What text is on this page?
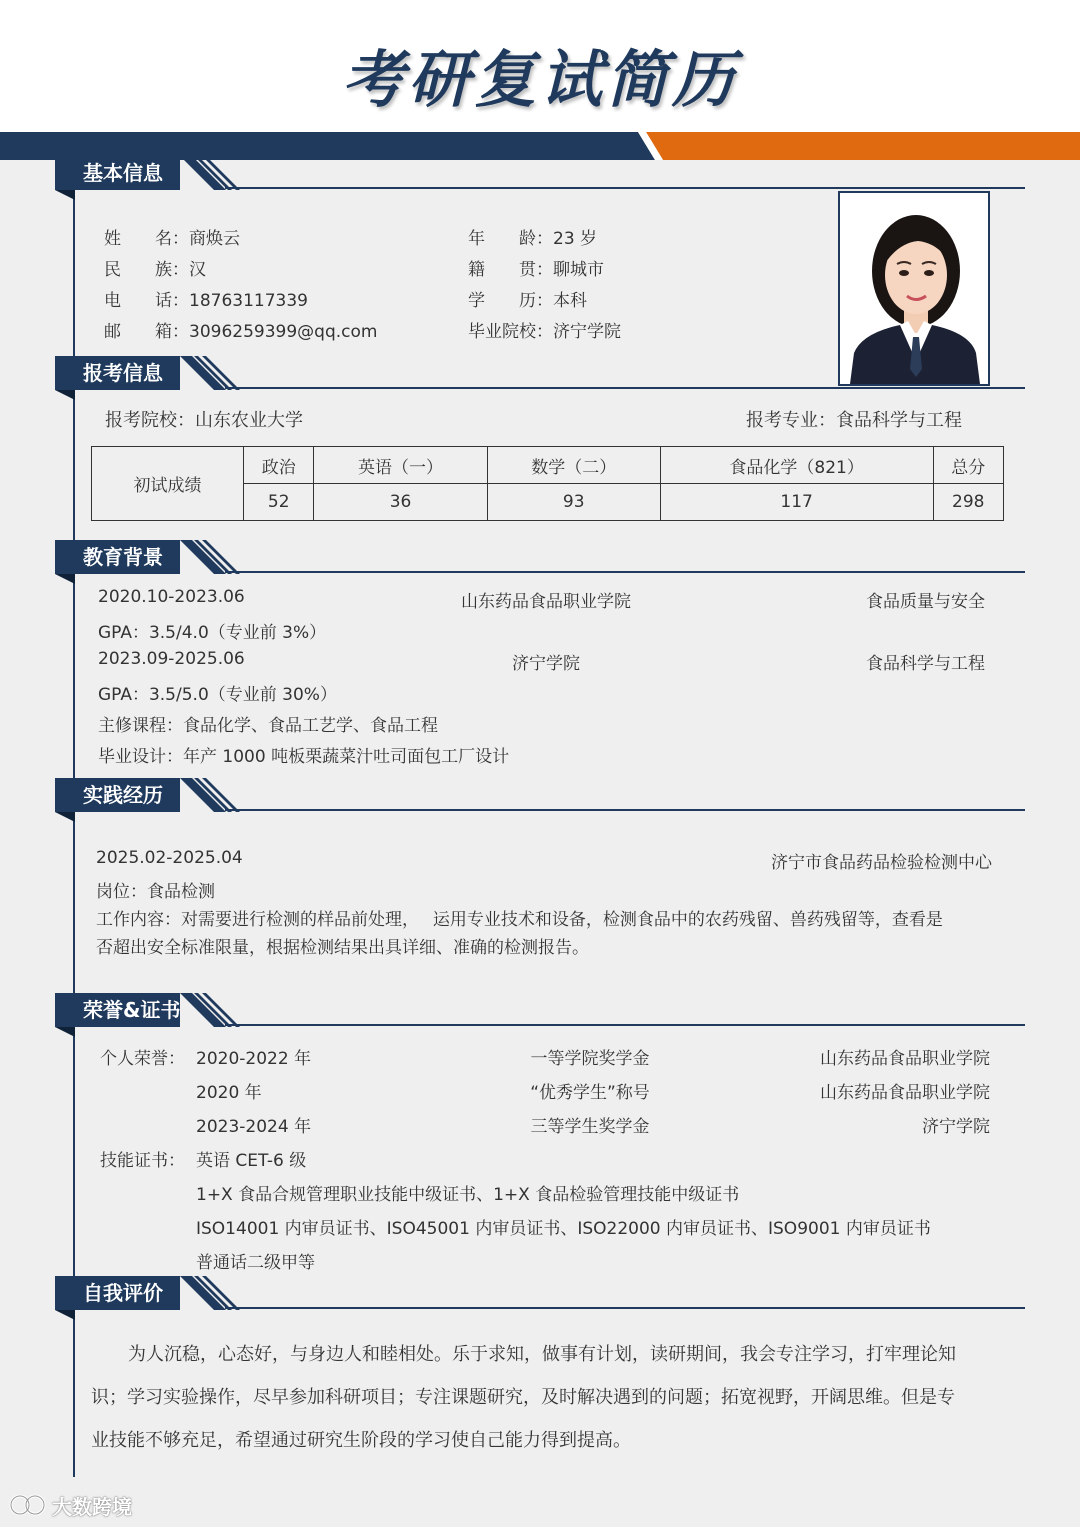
考研复试简历
基本信息
姓　　名：商焕云
民　　族：汉
电　　话：18763117339
邮　　箱：3096259399@qq.com
年　　龄：23 岁
籍　　贯：聊城市
学　　历：本科
毕业院校：济宁学院
报考信息
报考院校：山东农业大学	报考专业：食品科学与工程
初试成绩	政治	英语（一）	数学（二）	食品化学（821）	总分
	52	36	93	117	298
教育背景
2020.10-2023.06	山东药品食品职业学院	食品质量与安全
GPA：3.5/4.0（专业前 3%）
2023.09-2025.06	济宁学院	食品科学与工程
GPA：3.5/5.0（专业前 30%）
主修课程：食品化学、食品工艺学、食品工程
毕业设计：年产 1000 吨板栗蔬菜汁吐司面包工厂设计
实践经历
2025.02-2025.04	济宁市食品药品检验检测中心
岗位：食品检测
工作内容：对需要进行检测的样品前处理，　 运用专业技术和设备，检测食品中的农药残留、兽药残留等，查看是
否超出安全标准限量，根据检测结果出具详细、准确的检测报告。
荣誉&证书
个人荣誉： 2020-2022 年	一等学院奖学金	山东药品食品职业学院
2020 年	“优秀学生”称号	山东药品食品职业学院
2023-2024 年	三等学生奖学金	济宁学院
技能证书： 英语 CET-6 级
1+X 食品合规管理职业技能中级证书、1+X 食品检验管理技能中级证书
ISO14001 内审员证书、ISO45001 内审员证书、ISO22000 内审员证书、ISO9001 内审员证书
普通话二级甲等
自我评价
为人沉稳，心态好，与身边人和睦相处。乐于求知，做事有计划，读研期间，我会专注学习，打牢理论知
识；学习实验操作，尽早参加科研项目；专注课题研究，及时解决遇到的问题；拓宽视野，开阔思维。但是专
业技能不够充足，希望通过研究生阶段的学习使自己能力得到提高。
大数跨境
